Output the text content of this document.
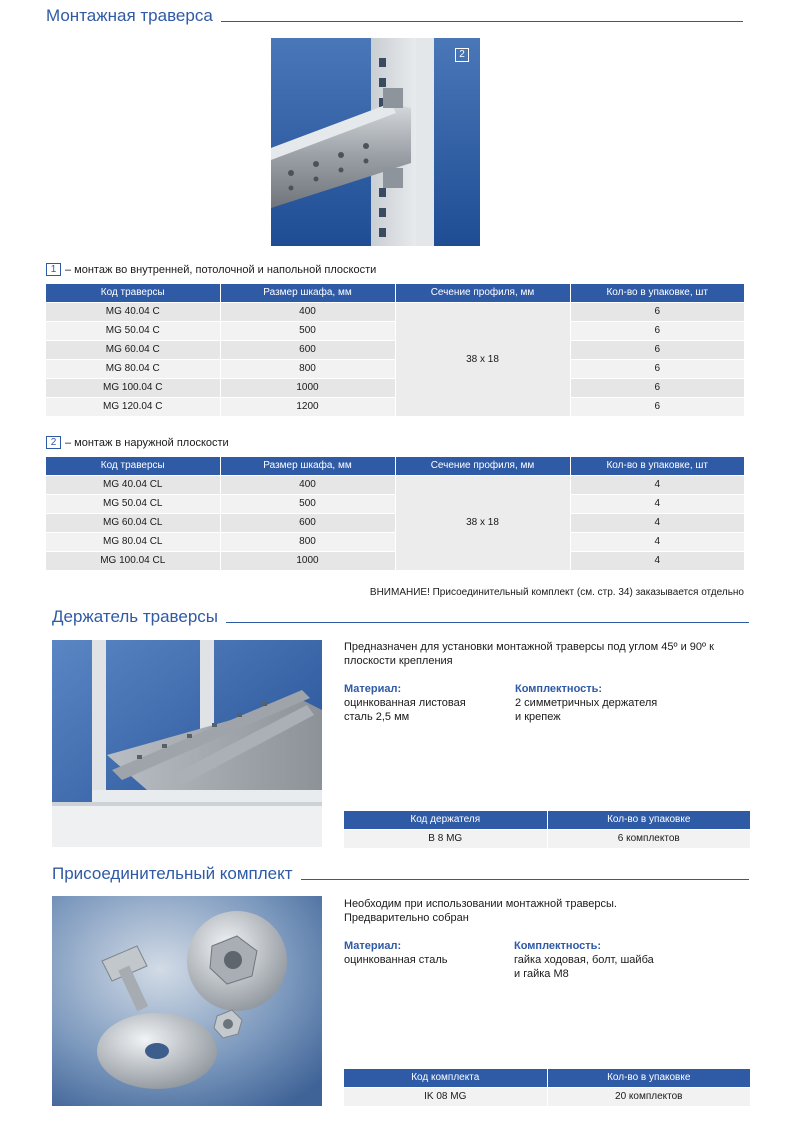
Монтажная траверса
2
1 – монтаж во внутренней, потолочной и напольной плоскости
Код траверсы	Размер шкафа, мм	Сечение профиля, мм	Кол-во в упаковке, шт
MG 40.04 C	400	38 х 18	6
MG 50.04 C	500		6
MG 60.04 C	600		6
MG 80.04 C	800		6
MG 100.04 C	1000		6
MG 120.04 C	1200		6
2 – монтаж в наружной плоскости
Код траверсы	Размер шкафа, мм	Сечение профиля, мм	Кол-во в упаковке, шт
MG 40.04 CL	400	38 х 18	4
MG 50.04 CL	500		4
MG 60.04 CL	600		4
MG 80.04 CL	800		4
MG 100.04 CL	1000		4
ВНИМАНИЕ! Присоединительный комплект (см. стр. 34) заказывается отдельно
Держатель траверсы
Предназначен для установки монтажной траверсы под углом 45º и 90º к плоскости крепления
Материал:
оцинкованная листовая
сталь 2,5 мм
Комплектность:
2 симметричных держателя
и крепеж
Код держателя	Кол-во в упаковке
B 8 MG	6 комплектов
Присоединительный комплект
Необходим при использовании монтажной траверсы.
Предварительно собран
Материал:
оцинкованная сталь
Комплектность:
гайка ходовая, болт, шайба
и гайка М8
Код комплекта	Кол-во в упаковке
IK 08 MG	20 комплектов
